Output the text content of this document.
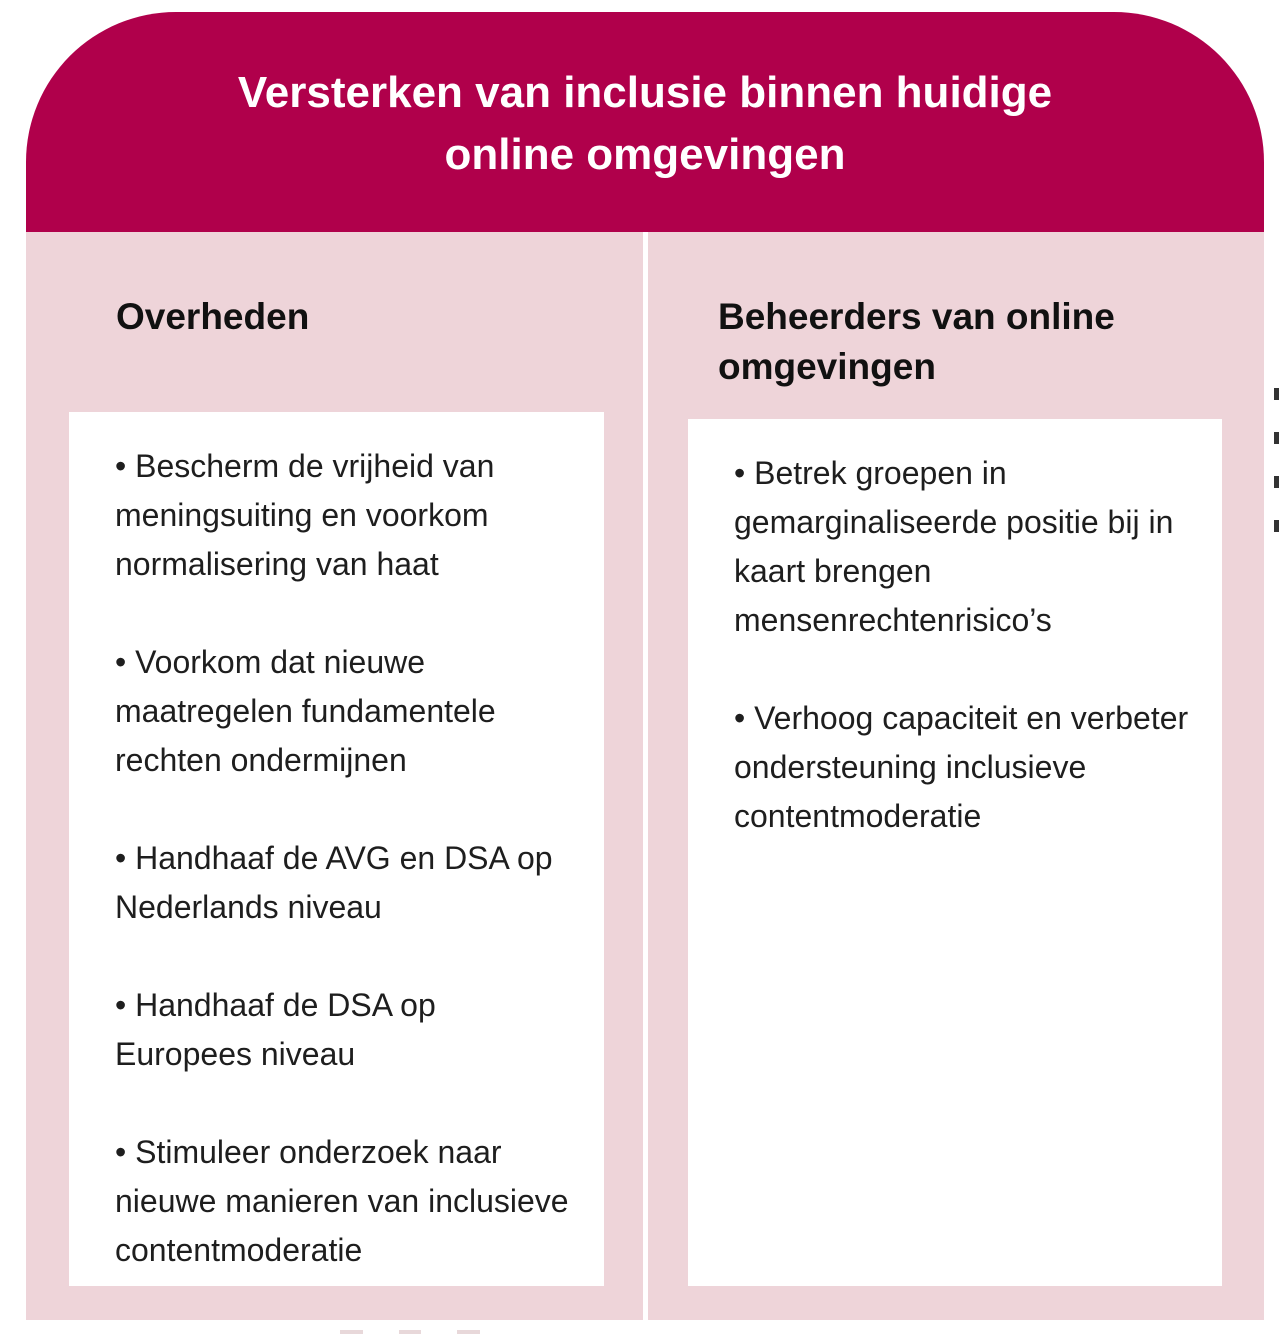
Versterken van inclusie binnen huidige online omgevingen
Overheden	Beheerders van online omgevingen

• Bescherm de vrijheid van meningsuiting en voorkom normalisering van haat

• Voorkom dat nieuwe maatregelen fundamentele rechten ondermijnen

• Handhaaf de AVG en DSA op Nederlands niveau

• Handhaaf de DSA op Europees niveau

• Stimuleer onderzoek naar nieuwe manieren van inclusieve contentmoderatie

• Betrek groepen in gemarginaliseerde positie bij in kaart brengen mensenrechtenrisico’s

• Verhoog capaciteit en verbeter ondersteuning inclusieve contentmoderatie
